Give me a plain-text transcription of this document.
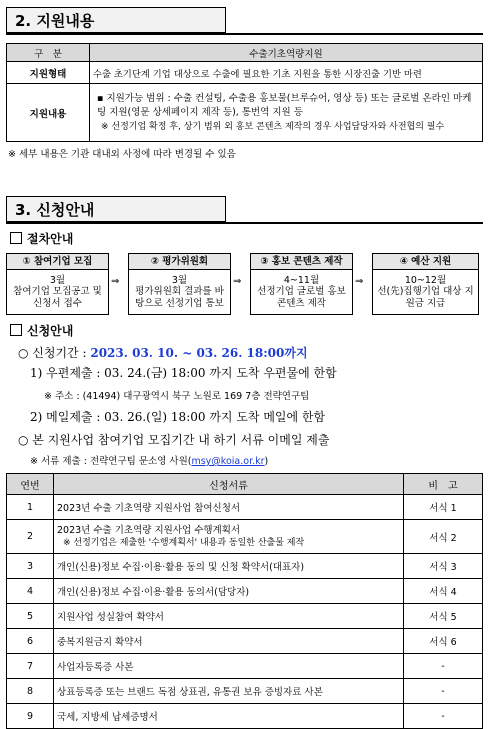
2. 지원내용
구　분	수출기초역량지원
지원형태	수출 초기단계 기업 대상으로 수출에 필요한 기초 지원을 통한 시장진출 기반 마련
지원내용	▪ 지원가능 범위 : 수출 컨설팅, 수출용 홍보물(브루슈어, 영상 등) 또는 글로벌 온라인 마케팅 지원(영문 상세페이지 제작 등), 통번역 지원 등
※ 선정기업 확정 후, 상기 범위 외 홍보 콘텐츠 제작의 경우 사업담당자와 사전협의 필수
※ 세부 내용은 기관 대내외 사정에 따라 변경될 수 있음
3. 신청안내
절차안내
① 참여기업 모집
3월
참여기업 모집공고 및 신청서 접수
⇒
② 평가위원회
3월
평가위원회 결과를 바탕으로 선정기업 통보
⇒
③ 홍보 콘텐츠 제작
4~11월
선정기업 글로벌 홍보콘텐츠 제작
⇒
④ 예산 지원
10~12월
선(先)집행기업 대상 지원금 지급
신청안내
○ 신청기간 : 2023. 03. 10. ~ 03. 26. 18:00까지
1) 우편제출 : 03. 24.(금) 18:00 까지 도착 우편물에 한함
※ 주소 : (41494) 대구광역시 북구 노원로 169 7층 전략연구팀
2) 메일제출 : 03. 26.(일) 18:00 까지 도착 메일에 한함
○ 본 지원사업 참여기업 모집기간 내 하기 서류 이메일 제출
※ 서류 제출 : 전략연구팀 문소영 사원(msy@koia.or.kr)
연번	신청서류	비　고
1	2023년 수출 기초역량 지원사업 참여신청서	서식 1
2	2023년 수출 기초역량 지원사업 수행계획서
※ 선정기업은 제출한 '수행계획서' 내용과 동일한 산출물 제작	서식 2
3	개인(신용)정보 수집·이용·활용 동의 및 신청 확약서(대표자)	서식 3
4	개인(신용)정보 수집·이용·활용 동의서(담당자)	서식 4
5	지원사업 성실참여 확약서	서식 5
6	중복지원금지 확약서	서식 6
7	사업자등록증 사본	-
8	상표등록증 또는 브랜드 독점 상표권, 유통권 보유 증빙자료 사본	-
9	국세, 지방세 납세증명서	-
